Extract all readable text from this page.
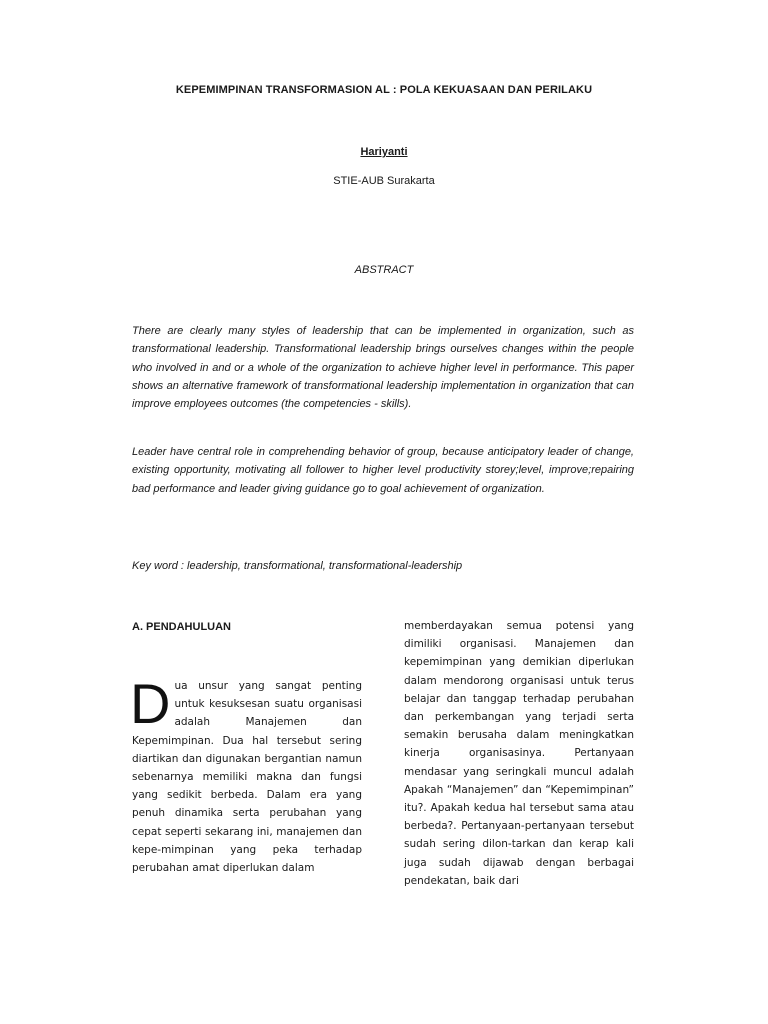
KEPEMIMPINAN TRANSFORMASION AL : POLA KEKUASAAN DAN PERILAKU
Hariyanti
STIE-AUB Surakarta
ABSTRACT

There are clearly many styles of leadership that can be implemented in organization, such as transformational leadership. Transformational leadership brings ourselves changes within the people who involved in and or a whole of the organization to achieve higher level in performance. This paper shows an alternative framework of transformational leadership implementation in organization that can improve employees outcomes (the competencies - skills).

Leader have central role in comprehending behavior of group, because anticipatory leader of change, existing opportunity, motivating all follower to higher level productivity storey;level, improve;repairing bad performance and leader giving guidance go to goal achievement of organization.

Key word : leadership, transformational, transformational-leadership
A. PENDAHULUAN

Dua unsur yang sangat penting untuk kesuksesan suatu organisasi adalah Manajemen dan Kepemimpinan. Dua hal tersebut sering diartikan dan digunakan bergantian namun sebenarnya memiliki makna dan fungsi yang sedikit berbeda. Dalam era yang penuh dinamika serta perubahan yang cepat seperti sekarang ini, manajemen dan kepe-mimpinan yang peka terhadap perubahan amat diperlukan dalam

memberdayakan semua potensi yang dimiliki organisasi. Manajemen dan kepemimpinan yang demikian diperlukan dalam mendorong organisasi untuk terus belajar dan tanggap terhadap perubahan dan perkembangan yang terjadi serta semakin berusaha dalam meningkatkan kinerja organisasinya. Pertanyaan mendasar yang seringkali muncul adalah Apakah “Manajemen” dan “Kepemimpinan” itu?. Apakah kedua hal tersebut sama atau berbeda?. Pertanyaan-pertanyaan tersebut sudah sering dilon-tarkan dan kerap kali juga sudah dijawab dengan berbagai pendekatan, baik dari
